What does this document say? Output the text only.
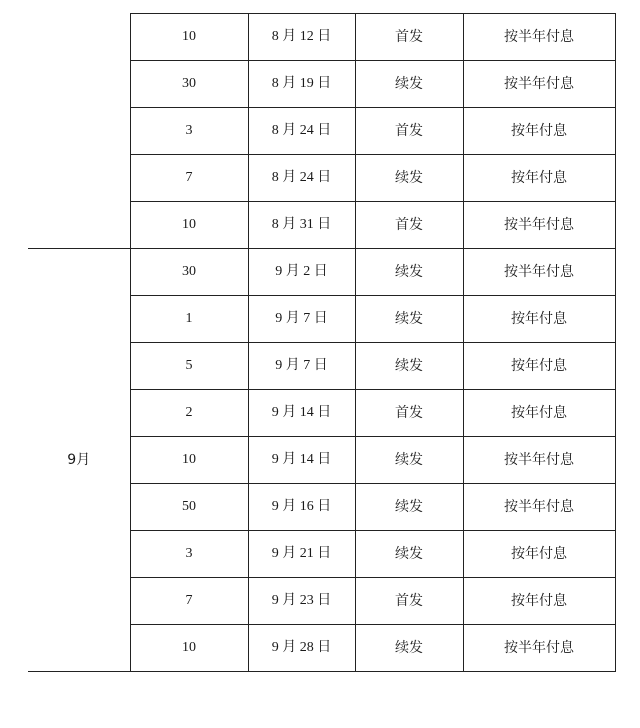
	10	8 月 12 日	首发	按半年付息
	30	8 月 19 日	续发	按半年付息
	3	8 月 24 日	首发	按年付息
	7	8 月 24 日	续发	按年付息
	10	8 月 31 日	首发	按半年付息
9月	30	9 月 2 日	续发	按半年付息
	1	9 月 7 日	续发	按年付息
	5	9 月 7 日	续发	按年付息
	2	9 月 14 日	首发	按年付息
	10	9 月 14 日	续发	按半年付息
	50	9 月 16 日	续发	按半年付息
	3	9 月 21 日	续发	按年付息
	7	9 月 23 日	首发	按年付息
	10	9 月 28 日	续发	按半年付息
